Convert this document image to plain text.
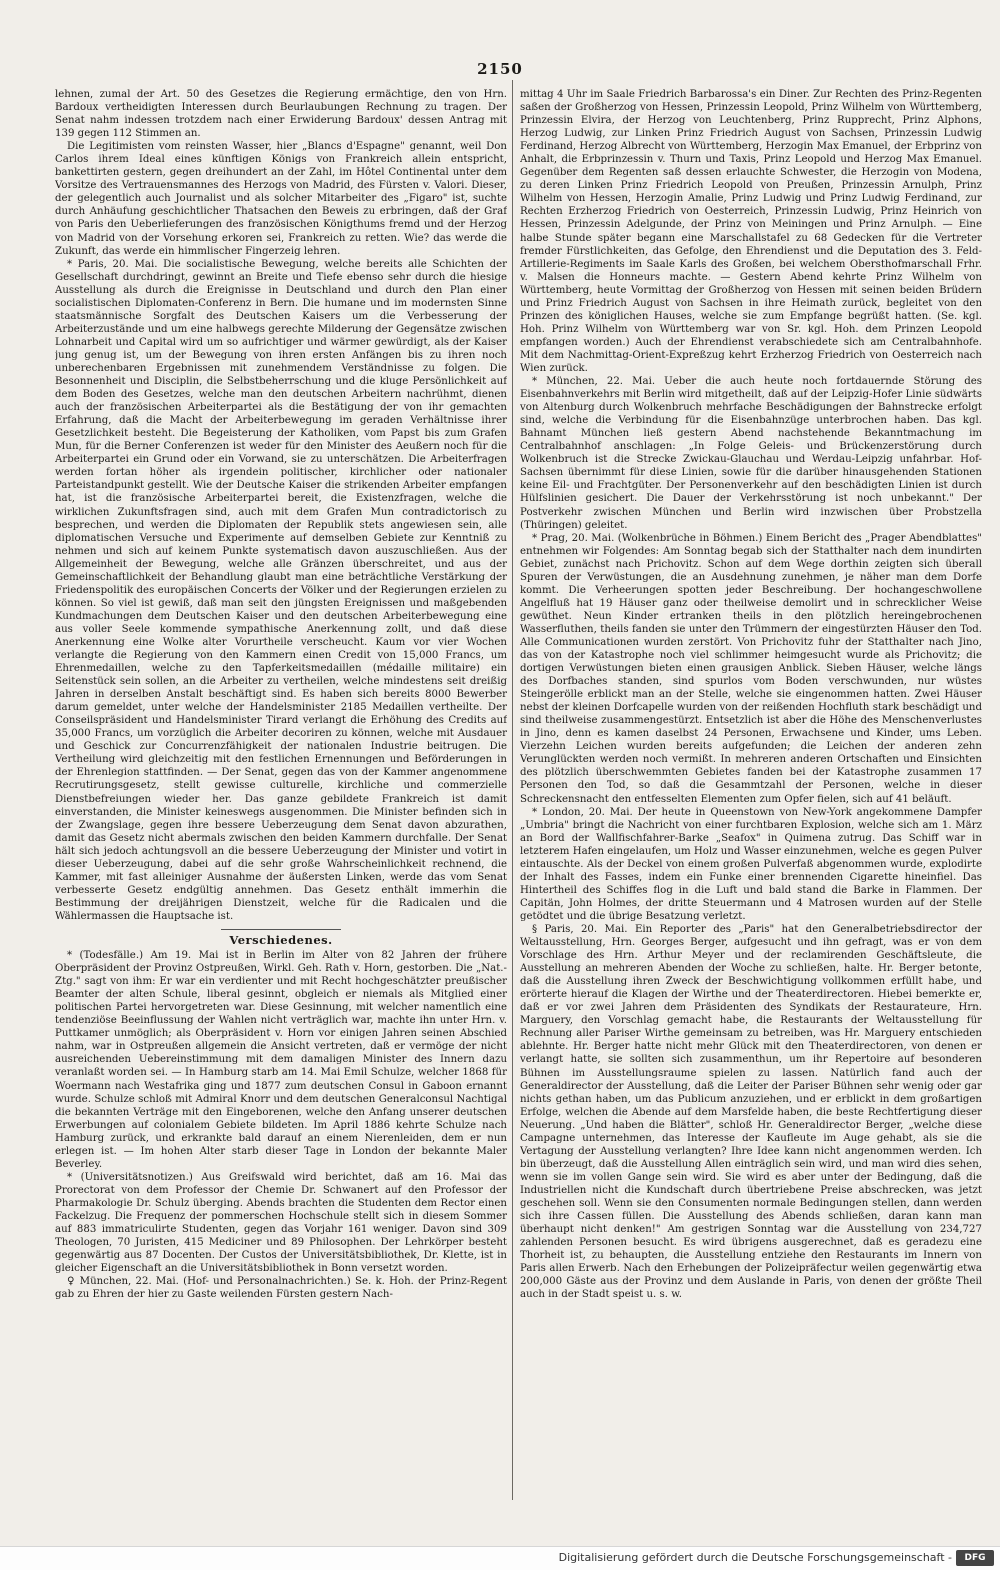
2150

lehnen, zumal der Art. 50 des Gesetzes die Regierung ermächtige, den von Hrn. Bardoux vertheidigten Interessen durch Beurlaubungen Rechnung zu tragen. Der Senat nahm indessen trotzdem nach einer Erwiderung Bardoux' dessen Antrag mit 139 gegen 112 Stimmen an.

Die Legitimisten vom reinsten Wasser, hier „Blancs d'Espagne" genannt, weil Don Carlos ihrem Ideal eines künftigen Königs von Frankreich allein entspricht, bankettirten gestern, gegen dreihundert an der Zahl, im Hôtel Continental unter dem Vorsitze des Vertrauensmannes des Herzogs von Madrid, des Fürsten v. Valori. Dieser, der gelegentlich auch Journalist und als solcher Mitarbeiter des „Figaro" ist, suchte durch Anhäufung geschichtlicher Thatsachen den Beweis zu erbringen, daß der Graf von Paris den Ueberlieferungen des französischen Königthums fremd und der Herzog von Madrid von der Vorsehung erkoren sei, Frankreich zu retten. Wie? das werde die Zukunft, das werde ein himmlischer Fingerzeig lehren.

* Paris, 20. Mai. Die socialistische Bewegung, welche bereits alle Schichten der Gesellschaft durchdringt, gewinnt an Breite und Tiefe ebenso sehr durch die hiesige Ausstellung als durch die Ereignisse in Deutschland und durch den Plan einer socialistischen Diplomaten-Conferenz in Bern. Die humane und im modernsten Sinne staatsmännische Sorgfalt des Deutschen Kaisers um die Verbesserung der Arbeiterzustände und um eine halbwegs gerechte Milderung der Gegensätze zwischen Lohnarbeit und Capital wird um so aufrichtiger und wärmer gewürdigt, als der Kaiser jung genug ist, um der Bewegung von ihren ersten Anfängen bis zu ihren noch unberechenbaren Ergebnissen mit zunehmendem Verständnisse zu folgen. Die Besonnenheit und Disciplin, die Selbstbeherrschung und die kluge Persönlichkeit auf dem Boden des Gesetzes, welche man den deutschen Arbeitern nachrühmt, dienen auch der französischen Arbeiterpartei als die Bestätigung der von ihr gemachten Erfahrung, daß die Macht der Arbeiterbewegung im geraden Verhältnisse ihrer Gesetzlichkeit besteht. Die Begeisterung der Katholiken, vom Papst bis zum Grafen Mun, für die Berner Conferenzen ist weder für den Minister des Aeußern noch für die Arbeiterpartei ein Grund oder ein Vorwand, sie zu unterschätzen. Die Arbeiterfragen werden fortan höher als irgendein politischer, kirchlicher oder nationaler Parteistandpunkt gestellt. Wie der Deutsche Kaiser die strikenden Arbeiter empfangen hat, ist die französische Arbeiterpartei bereit, die Existenzfragen, welche die wirklichen Zukunftsfragen sind, auch mit dem Grafen Mun contradictorisch zu besprechen, und werden die Diplomaten der Republik stets angewiesen sein, alle diplomatischen Versuche und Experimente auf demselben Gebiete zur Kenntniß zu nehmen und sich auf keinem Punkte systematisch davon auszuschließen. Aus der Allgemeinheit der Bewegung, welche alle Gränzen überschreitet, und aus der Gemeinschaftlichkeit der Behandlung glaubt man eine beträchtliche Verstärkung der Friedenspolitik des europäischen Concerts der Völker und der Regierungen erzielen zu können. So viel ist gewiß, daß man seit den jüngsten Ereignissen und maßgebenden Kundmachungen dem Deutschen Kaiser und den deutschen Arbeiterbewegung eine aus voller Seele kommende sympathische Anerkennung zollt, und daß diese Anerkennung eine Wolke alter Vorurtheile verscheucht. Kaum vor vier Wochen verlangte die Regierung von den Kammern einen Credit von 15,000 Francs, um Ehrenmedaillen, welche zu den Tapferkeitsmedaillen (médaille militaire) ein Seitenstück sein sollen, an die Arbeiter zu vertheilen, welche mindestens seit dreißig Jahren in derselben Anstalt beschäftigt sind. Es haben sich bereits 8000 Bewerber darum gemeldet, unter welche der Handelsminister 2185 Medaillen vertheilte. Der Conseilspräsident und Handelsminister Tirard verlangt die Erhöhung des Credits auf 35,000 Francs, um vorzüglich die Arbeiter decoriren zu können, welche mit Ausdauer und Geschick zur Concurrenzfähigkeit der nationalen Industrie beitrugen. Die Vertheilung wird gleichzeitig mit den festlichen Ernennungen und Beförderungen in der Ehrenlegion stattfinden. — Der Senat, gegen das von der Kammer angenommene Recrutirungsgesetz, stellt gewisse culturelle, kirchliche und commerzielle Dienstbefreiungen wieder her. Das ganze gebildete Frankreich ist damit einverstanden, die Minister keineswegs ausgenommen. Die Minister befinden sich in der Zwangslage, gegen ihre bessere Ueberzeugung dem Senat davon abzurathen, damit das Gesetz nicht abermals zwischen den beiden Kammern durchfalle. Der Senat hält sich jedoch achtungsvoll an die bessere Ueberzeugung der Minister und votirt in dieser Ueberzeugung, dabei auf die sehr große Wahrscheinlichkeit rechnend, die Kammer, mit fast alleiniger Ausnahme der äußersten Linken, werde das vom Senat verbesserte Gesetz endgültig annehmen. Das Gesetz enthält immerhin die Bestimmung der dreijährigen Dienstzeit, welche für die Radicalen und die Wählermassen die Hauptsache ist.

Verschiedenes.

* (Todesfälle.) Am 19. Mai ist in Berlin im Alter von 82 Jahren der frühere Oberpräsident der Provinz Ostpreußen, Wirkl. Geh. Rath v. Horn, gestorben. Die „Nat.-Ztg." sagt von ihm: Er war ein verdienter und mit Recht hochgeschätzter preußischer Beamter der alten Schule, liberal gesinnt, obgleich er niemals als Mitglied einer politischen Partei hervorgetreten war. Diese Gesinnung, mit welcher namentlich eine tendenziöse Beeinflussung der Wahlen nicht verträglich war, machte ihn unter Hrn. v. Puttkamer unmöglich; als Oberpräsident v. Horn vor einigen Jahren seinen Abschied nahm, war in Ostpreußen allgemein die Ansicht vertreten, daß er vermöge der nicht ausreichenden Uebereinstimmung mit dem damaligen Minister des Innern dazu veranlaßt worden sei. — In Hamburg starb am 14. Mai Emil Schulze, welcher 1868 für Woermann nach Westafrika ging und 1877 zum deutschen Consul in Gaboon ernannt wurde. Schulze schloß mit Admiral Knorr und dem deutschen Generalconsul Nachtigal die bekannten Verträge mit den Eingeborenen, welche den Anfang unserer deutschen Erwerbungen auf colonialem Gebiete bildeten. Im April 1886 kehrte Schulze nach Hamburg zurück, und erkrankte bald darauf an einem Nierenleiden, dem er nun erlegen ist. — Im hohen Alter starb dieser Tage in London der bekannte Maler Beverley.

* (Universitätsnotizen.) Aus Greifswald wird berichtet, daß am 16. Mai das Prorectorat von dem Professor der Chemie Dr. Schwanert auf den Professor der Pharmakologie Dr. Schulz überging. Abends brachten die Studenten dem Rector einen Fackelzug. Die Frequenz der pommerschen Hochschule stellt sich in diesem Sommer auf 883 immatriculirte Studenten, gegen das Vorjahr 161 weniger. Davon sind 309 Theologen, 70 Juristen, 415 Mediciner und 89 Philosophen. Der Lehrkörper besteht gegenwärtig aus 87 Docenten. Der Custos der Universitätsbibliothek, Dr. Klette, ist in gleicher Eigenschaft an die Universitätsbibliothek in Bonn versetzt worden.

♀ München, 22. Mai. (Hof- und Personalnachrichten.) Se. k. Hoh. der Prinz-Regent gab zu Ehren der hier zu Gaste weilenden Fürsten gestern Nach-

mittag 4 Uhr im Saale Friedrich Barbarossa's ein Diner. Zur Rechten des Prinz-Regenten saßen der Großherzog von Hessen, Prinzessin Leopold, Prinz Wilhelm von Württemberg, Prinzessin Elvira, der Herzog von Leuchtenberg, Prinz Rupprecht, Prinz Alphons, Herzog Ludwig, zur Linken Prinz Friedrich August von Sachsen, Prinzessin Ludwig Ferdinand, Herzog Albrecht von Württemberg, Herzogin Max Emanuel, der Erbprinz von Anhalt, die Erbprinzessin v. Thurn und Taxis, Prinz Leopold und Herzog Max Emanuel. Gegenüber dem Regenten saß dessen erlauchte Schwester, die Herzogin von Modena, zu deren Linken Prinz Friedrich Leopold von Preußen, Prinzessin Arnulph, Prinz Wilhelm von Hessen, Herzogin Amalie, Prinz Ludwig und Prinz Ludwig Ferdinand, zur Rechten Erzherzog Friedrich von Oesterreich, Prinzessin Ludwig, Prinz Heinrich von Hessen, Prinzessin Adelgunde, der Prinz von Meiningen und Prinz Arnulph. — Eine halbe Stunde später begann eine Marschallstafel zu 68 Gedecken für die Vertreter fremder Fürstlichkeiten, das Gefolge, den Ehrendienst und die Deputation des 3. Feld-Artillerie-Regiments im Saale Karls des Großen, bei welchem Obersthofmarschall Frhr. v. Malsen die Honneurs machte. — Gestern Abend kehrte Prinz Wilhelm von Württemberg, heute Vormittag der Großherzog von Hessen mit seinen beiden Brüdern und Prinz Friedrich August von Sachsen in ihre Heimath zurück, begleitet von den Prinzen des königlichen Hauses, welche sie zum Empfange begrüßt hatten. (Se. kgl. Hoh. Prinz Wilhelm von Württemberg war von Sr. kgl. Hoh. dem Prinzen Leopold empfangen worden.) Auch der Ehrendienst verabschiedete sich am Centralbahnhofe. Mit dem Nachmittag-Orient-Expreßzug kehrt Erzherzog Friedrich von Oesterreich nach Wien zurück.

* München, 22. Mai. Ueber die auch heute noch fortdauernde Störung des Eisenbahnverkehrs mit Berlin wird mitgetheilt, daß auf der Leipzig-Hofer Linie südwärts von Altenburg durch Wolkenbruch mehrfache Beschädigungen der Bahnstrecke erfolgt sind, welche die Verbindung für die Eisenbahnzüge unterbrochen haben. Das kgl. Bahnamt München ließ gestern Abend nachstehende Bekanntmachung im Centralbahnhof anschlagen: „In Folge Geleis- und Brückenzerstörung durch Wolkenbruch ist die Strecke Zwickau-Glauchau und Werdau-Leipzig unfahrbar. Hof-Sachsen übernimmt für diese Linien, sowie für die darüber hinausgehenden Stationen keine Eil- und Frachtgüter. Der Personenverkehr auf den beschädigten Linien ist durch Hülfslinien gesichert. Die Dauer der Verkehrsstörung ist noch unbekannt." Der Postverkehr zwischen München und Berlin wird inzwischen über Probstzella (Thüringen) geleitet.

* Prag, 20. Mai. (Wolkenbrüche in Böhmen.) Einem Bericht des „Prager Abendblattes" entnehmen wir Folgendes: Am Sonntag begab sich der Statthalter nach dem inundirten Gebiet, zunächst nach Prichovitz. Schon auf dem Wege dorthin zeigten sich überall Spuren der Verwüstungen, die an Ausdehnung zunehmen, je näher man dem Dorfe kommt. Die Verheerungen spotten jeder Beschreibung. Der hochangeschwollene Angelfluß hat 19 Häuser ganz oder theilweise demolirt und in schrecklicher Weise gewüthet. Neun Kinder ertranken theils in den plötzlich hereingebrochenen Wasserfluthen, theils fanden sie unter den Trümmern der eingestürzten Häuser den Tod. Alle Communicationen wurden zerstört. Von Prichovitz fuhr der Statthalter nach Jino, das von der Katastrophe noch viel schlimmer heimgesucht wurde als Prichovitz; die dortigen Verwüstungen bieten einen grausigen Anblick. Sieben Häuser, welche längs des Dorfbaches standen, sind spurlos vom Boden verschwunden, nur wüstes Steingerölle erblickt man an der Stelle, welche sie eingenommen hatten. Zwei Häuser nebst der kleinen Dorfcapelle wurden von der reißenden Hochfluth stark beschädigt und sind theilweise zusammengestürzt. Entsetzlich ist aber die Höhe des Menschenverlustes in Jino, denn es kamen daselbst 24 Personen, Erwachsene und Kinder, ums Leben. Vierzehn Leichen wurden bereits aufgefunden; die Leichen der anderen zehn Verunglückten werden noch vermißt. In mehreren anderen Ortschaften und Einsichten des plötzlich überschwemmten Gebietes fanden bei der Katastrophe zusammen 17 Personen den Tod, so daß die Gesammtzahl der Personen, welche in dieser Schreckensnacht den entfesselten Elementen zum Opfer fielen, sich auf 41 beläuft.

* London, 20. Mai. Der heute in Queenstown von New-York angekommene Dampfer „Umbria" bringt die Nachricht von einer furchtbaren Explosion, welche sich am 1. März an Bord der Wallfischfahrer-Barke „Seafox" in Quimena zutrug. Das Schiff war in letzterem Hafen eingelaufen, um Holz und Wasser einzunehmen, welche es gegen Pulver eintauschte. Als der Deckel von einem großen Pulverfaß abgenommen wurde, explodirte der Inhalt des Fasses, indem ein Funke einer brennenden Cigarette hineinfiel. Das Hintertheil des Schiffes flog in die Luft und bald stand die Barke in Flammen. Der Capitän, John Holmes, der dritte Steuermann und 4 Matrosen wurden auf der Stelle getödtet und die übrige Besatzung verletzt.

§ Paris, 20. Mai. Ein Reporter des „Paris" hat den Generalbetriebsdirector der Weltausstellung, Hrn. Georges Berger, aufgesucht und ihn gefragt, was er von dem Vorschlage des Hrn. Arthur Meyer und der reclamirenden Geschäftsleute, die Ausstellung an mehreren Abenden der Woche zu schließen, halte. Hr. Berger betonte, daß die Ausstellung ihren Zweck der Beschwichtigung vollkommen erfüllt habe, und erörterte hierauf die Klagen der Wirthe und der Theaterdirectoren. Hiebei bemerkte er, daß er vor zwei Jahren dem Präsidenten des Syndikats der Restaurateure, Hrn. Marguery, den Vorschlag gemacht habe, die Restaurants der Weltausstellung für Rechnung aller Pariser Wirthe gemeinsam zu betreiben, was Hr. Marguery entschieden ablehnte. Hr. Berger hatte nicht mehr Glück mit den Theaterdirectoren, von denen er verlangt hatte, sie sollten sich zusammenthun, um ihr Repertoire auf besonderen Bühnen im Ausstellungsraume spielen zu lassen. Natürlich fand auch der Generaldirector der Ausstellung, daß die Leiter der Pariser Bühnen sehr wenig oder gar nichts gethan haben, um das Publicum anzuziehen, und er erblickt in dem großartigen Erfolge, welchen die Abende auf dem Marsfelde haben, die beste Rechtfertigung dieser Neuerung. „Und haben die Blätter", schloß Hr. Generaldirector Berger, „welche diese Campagne unternehmen, das Interesse der Kaufleute im Auge gehabt, als sie die Vertagung der Ausstellung verlangten? Ihre Idee kann nicht angenommen werden. Ich bin überzeugt, daß die Ausstellung Allen einträglich sein wird, und man wird dies sehen, wenn sie im vollen Gange sein wird. Sie wird es aber unter der Bedingung, daß die Industriellen nicht die Kundschaft durch übertriebene Preise abschrecken, was jetzt geschehen soll. Wenn sie den Consumenten normale Bedingungen stellen, dann werden sich ihre Cassen füllen. Die Ausstellung des Abends schließen, daran kann man überhaupt nicht denken!" Am gestrigen Sonntag war die Ausstellung von 234,727 zahlenden Personen besucht. Es wird übrigens ausgerechnet, daß es geradezu eine Thorheit ist, zu behaupten, die Ausstellung entziehe den Restaurants im Innern von Paris allen Erwerb. Nach den Erhebungen der Polizeipräfectur weilen gegenwärtig etwa 200,000 Gäste aus der Provinz und dem Auslande in Paris, von denen der größte Theil auch in der Stadt speist u. s. w.

Digitalisierung gefördert durch die Deutsche Forschungsgemeinschaft -	DFG
